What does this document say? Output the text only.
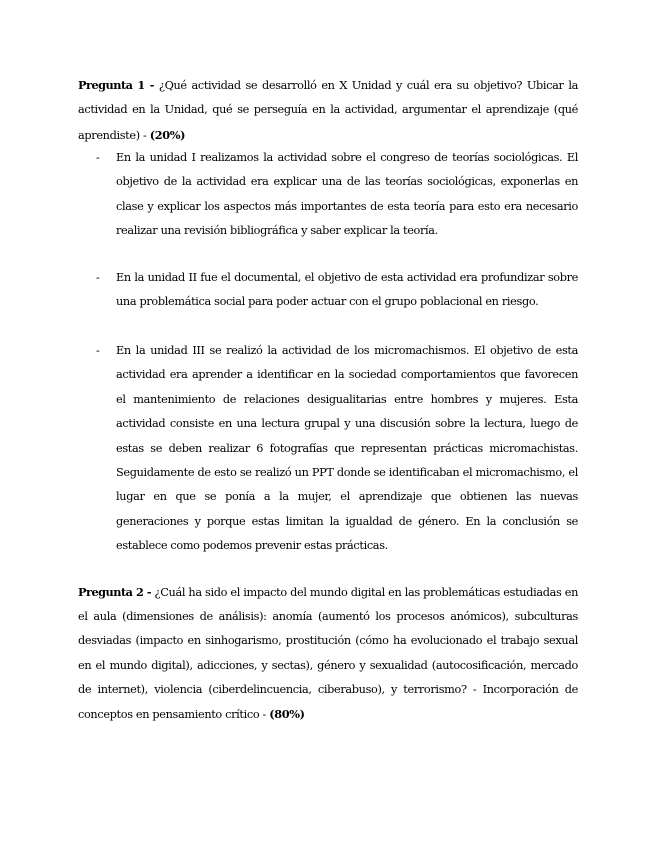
Pregunta 1 - ¿Qué actividad se desarrolló en X Unidad y cuál era su objetivo? Ubicar la actividad en la Unidad, qué se perseguía en la actividad, argumentar el aprendizaje (qué aprendiste) - (20%)

-	En la unidad I realizamos la actividad sobre el congreso de teorías sociológicas. El objetivo de la actividad era explicar una de las teorías sociológicas, exponerlas en clase y explicar los aspectos más importantes de esta teoría para esto era necesario realizar una revisión bibliográfica y saber explicar la teoría.

-	En la unidad II fue el documental, el objetivo de esta actividad era profundizar sobre una problemática social para poder actuar con el grupo poblacional en riesgo.

-	En la unidad III se realizó la actividad de los micromachismos. El objetivo de esta actividad era aprender a identificar en la sociedad comportamientos que favorecen el mantenimiento de relaciones desigualitarias entre hombres y mujeres. Esta actividad consiste en una lectura grupal y una discusión sobre la lectura, luego de estas se deben realizar 6 fotografías que representan prácticas micromachistas. Seguidamente de esto se realizó un PPT donde se identificaban el micromachismo, el lugar en que se ponía a la mujer, el aprendizaje que obtienen las nuevas generaciones y porque estas limitan la igualdad de género. En la conclusión se establece como podemos prevenir estas prácticas.

Pregunta 2 - ¿Cuál ha sido el impacto del mundo digital en las problemáticas estudiadas en el aula (dimensiones de análisis): anomía (aumentó los procesos anómicos), subculturas desviadas (impacto en sinhogarismo, prostitución (cómo ha evolucionado el trabajo sexual en el mundo digital), adicciones, y sectas), género y sexualidad (autocosificación, mercado de internet), violencia (ciberdelincuencia, ciberabuso), y terrorismo? - Incorporación de conceptos en pensamiento crítico - (80%)
